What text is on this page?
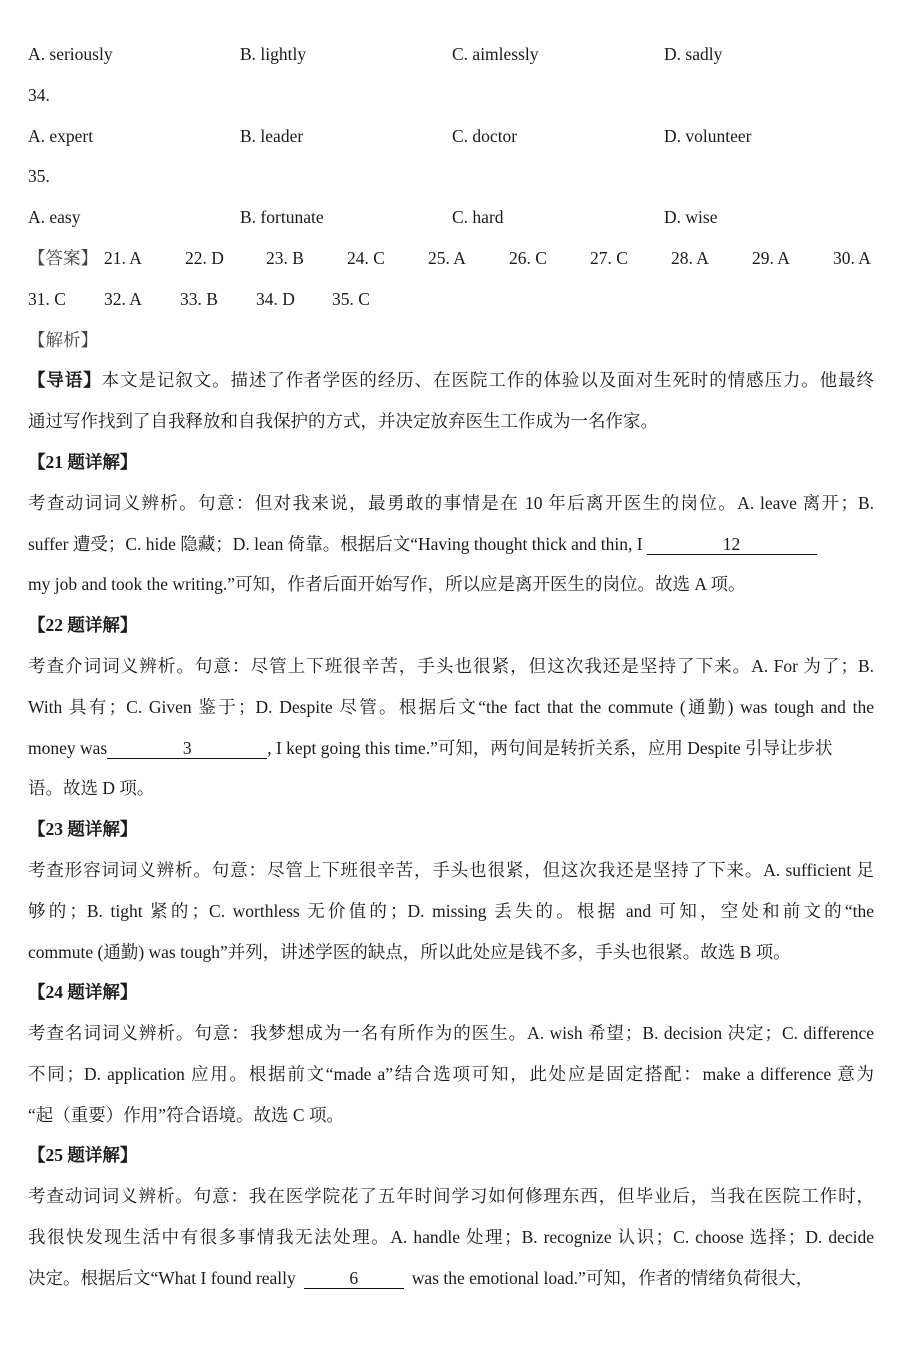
A. seriously	B. lightly	C. aimlessly	D. sadly
34.
A. expert	B. leader	C. doctor	D. volunteer
35.
A. easy	B. fortunate	C. hard	D. wise
【答案】 21. A 22. D 23. B 24. C 25. A 26. C 27. C 28. A 29. A 30. A
31. C 32. A 33. B 34. D 35. C
【解析】
【导语】本文是记叙文。描述了作者学医的经历、在医院工作的体验以及面对生死时的情感压力。他最终
通过写作找到了自我释放和自我保护的方式，并决定放弃医生工作成为一名作家。
【21 题详解】
考查动词词义辨析。句意：但对我来说，最勇敢的事情是在 10 年后离开医生的岗位。A. leave 离开；B.
suffer 遭受；C. hide 隐藏；D. lean 倚靠。根据后文“Having thought thick and thin, I	12
my job and took the writing.”可知，作者后面开始写作，所以应是离开医生的岗位。故选 A 项。
【22 题详解】
考查介词词义辨析。句意：尽管上下班很辛苦，手头也很紧，但这次我还是坚持了下来。A. For 为了；B.
With 具有；C. Given 鉴于；D. Despite 尽管。根据后文“the fact that the commute (通勤) was tough and the
money was	3	, I kept going this time.”可知，两句间是转折关系，应用 Despite 引导让步状
语。故选 D 项。
【23 题详解】
考查形容词词义辨析。句意：尽管上下班很辛苦，手头也很紧，但这次我还是坚持了下来。A. sufficient 足
够的；B. tight 紧的；C. worthless 无价值的；D. missing 丢失的。根据 and 可知，空处和前文的“the
commute (通勤) was tough”并列，讲述学医的缺点，所以此处应是钱不多，手头也很紧。故选 B 项。
【24 题详解】
考查名词词义辨析。句意：我梦想成为一名有所作为的医生。A. wish 希望；B. decision 决定；C. difference
不同；D. application 应用。根据前文“made a”结合选项可知，此处应是固定搭配：make a difference 意为
“起（重要）作用”符合语境。故选 C 项。
【25 题详解】
考查动词词义辨析。句意：我在医学院花了五年时间学习如何修理东西，但毕业后，当我在医院工作时，
我很快发现生活中有很多事情我无法处理。A. handle 处理；B. recognize 认识；C. choose 选择；D. decide
决定。根据后文“What I found really	6	was the emotional load.”可知，作者的情绪负荷很大，
